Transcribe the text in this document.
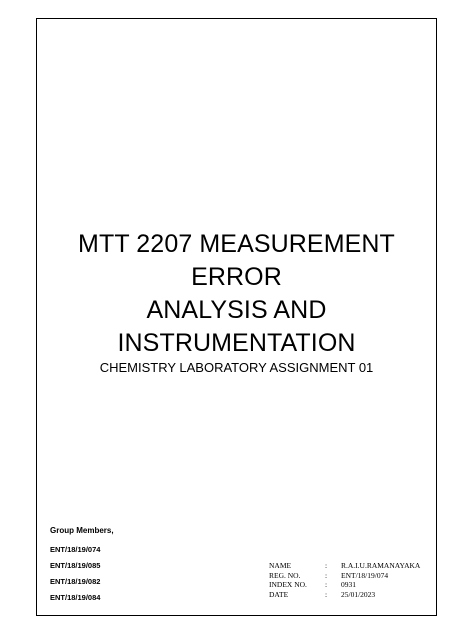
MTT 2207 MEASUREMENT
ERROR
ANALYSIS AND
INSTRUMENTATION
CHEMISTRY LABORATORY ASSIGNMENT 01
Group Members,
ENT/18/19/074
ENT/18/19/085
ENT/18/19/082
ENT/18/19/084
NAME	:	R.A.I.U.RAMANAYAKA
REG. NO.	:	ENT/18/19/074
INDEX NO.	:	0931
DATE	:	25/01/2023
